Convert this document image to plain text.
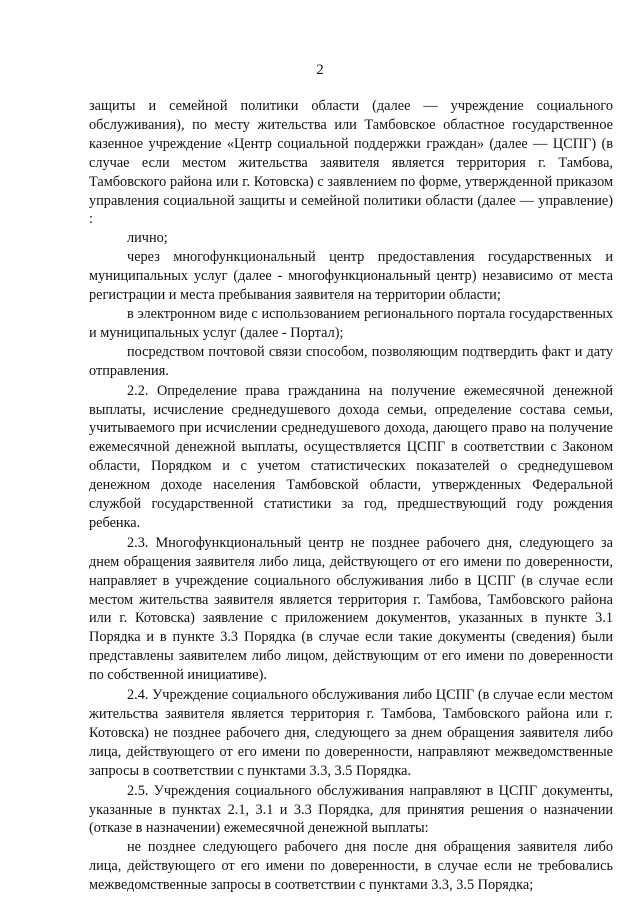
2

защиты и семейной политики области (далее — учреждение социального обслуживания), по месту жительства или Тамбовское областное государственное казенное учреждение «Центр социальной поддержки граждан» (далее — ЦСПГ) (в случае если местом жительства заявителя является территория г. Тамбова, Тамбовского района или г. Котовска) с заявлением по форме, утвержденной приказом управления социальной защиты и семейной политики области (далее — управление) :

лично;

через многофункциональный центр предоставления государственных и муниципальных услуг (далее - многофункциональный центр) независимо от места регистрации и места пребывания заявителя на территории области;

в электронном виде с использованием регионального портала государственных и муниципальных услуг (далее - Портал);

посредством почтовой связи способом, позволяющим подтвердить факт и дату отправления.

2.2. Определение права гражданина на получение ежемесячной денежной выплаты, исчисление среднедушевого дохода семьи, определение состава семьи, учитываемого при исчислении среднедушевого дохода, дающего право на получение ежемесячной денежной выплаты, осуществляется ЦСПГ в соответствии с Законом области, Порядком и с учетом статистических показателей о среднедушевом денежном доходе населения Тамбовской области, утвержденных Федеральной службой государственной статистики за год, предшествующий году рождения ребенка.

2.3. Многофункциональный центр не позднее рабочего дня, следующего за днем обращения заявителя либо лица, действующего от его имени по доверенности, направляет в учреждение социального обслуживания либо в ЦСПГ (в случае если местом жительства заявителя является территория г. Тамбова, Тамбовского района или г. Котовска) заявление с приложением документов, указанных в пункте 3.1 Порядка и в пункте 3.3 Порядка (в случае если такие документы (сведения) были представлены заявителем либо лицом, действующим от его имени по доверенности по собственной инициативе).

2.4. Учреждение социального обслуживания либо ЦСПГ (в случае если местом жительства заявителя является территория г. Тамбова, Тамбовского района или г. Котовска) не позднее рабочего дня, следующего за днем обращения заявителя либо лица, действующего от его имени по доверенности, направляют межведомственные запросы в соответствии с пунктами 3.3, 3.5 Порядка.

2.5. Учреждения социального обслуживания направляют в ЦСПГ документы, указанные в пунктах 2.1, 3.1 и 3.3 Порядка, для принятия решения о назначении (отказе в назначении) ежемесячной денежной выплаты:

не позднее следующего рабочего дня после дня обращения заявителя либо лица, действующего от его имени по доверенности, в случае если не требовались межведомственные запросы в соответствии с пунктами 3.3, 3.5 Порядка;
